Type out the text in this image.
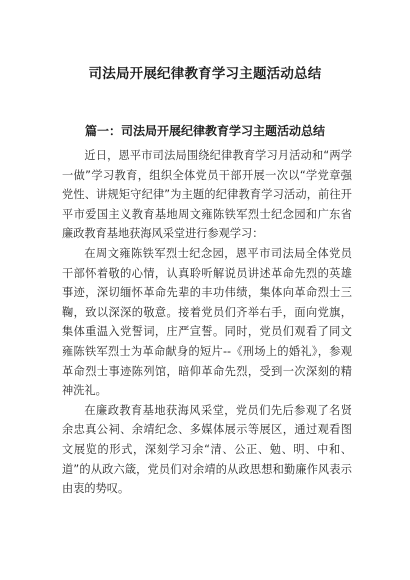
司法局开展纪律教育学习主题活动总结
篇一：司法局开展纪律教育学习主题活动总结

近日，恩平市司法局围绕纪律教育学习月活动和“两学一做”学习教育，组织全体党员干部开展一次以“学党章强党性、讲规矩守纪律”为主题的纪律教育学习活动，前往开平市爱国主义教育基地周文雍陈铁军烈士纪念园和广东省廉政教育基地获海风采堂进行参观学习：

在周文雍陈铁军烈士纪念园，恩平市司法局全体党员干部怀着敬的心情，认真聆听解说员讲述革命先烈的英雄事迹，深切缅怀革命先辈的丰功伟绩，集体向革命烈士三鞠，致以深深的敬意。接着党员们齐举右手，面向党旗，集体重温入党誓词，庄严宣誓。同时，党员们观看了同文雍陈铁军烈士为革命献身的短片--《刑场上的婚礼》，参观革命烈士事迹陈列馆，暗仰革命先烈，受到一次深刻的精神洗礼。

在廉政教育基地获海风采堂，党员们先后参观了名贤余忠真公祠、余靖纪念、多媒体展示等展区，通过观看图文展览的形式，深刻学习余“清、公正、勉、明、中和、道”的从政六箴，党员们对余靖的从政思想和勤廉作风表示由衷的势叹。
